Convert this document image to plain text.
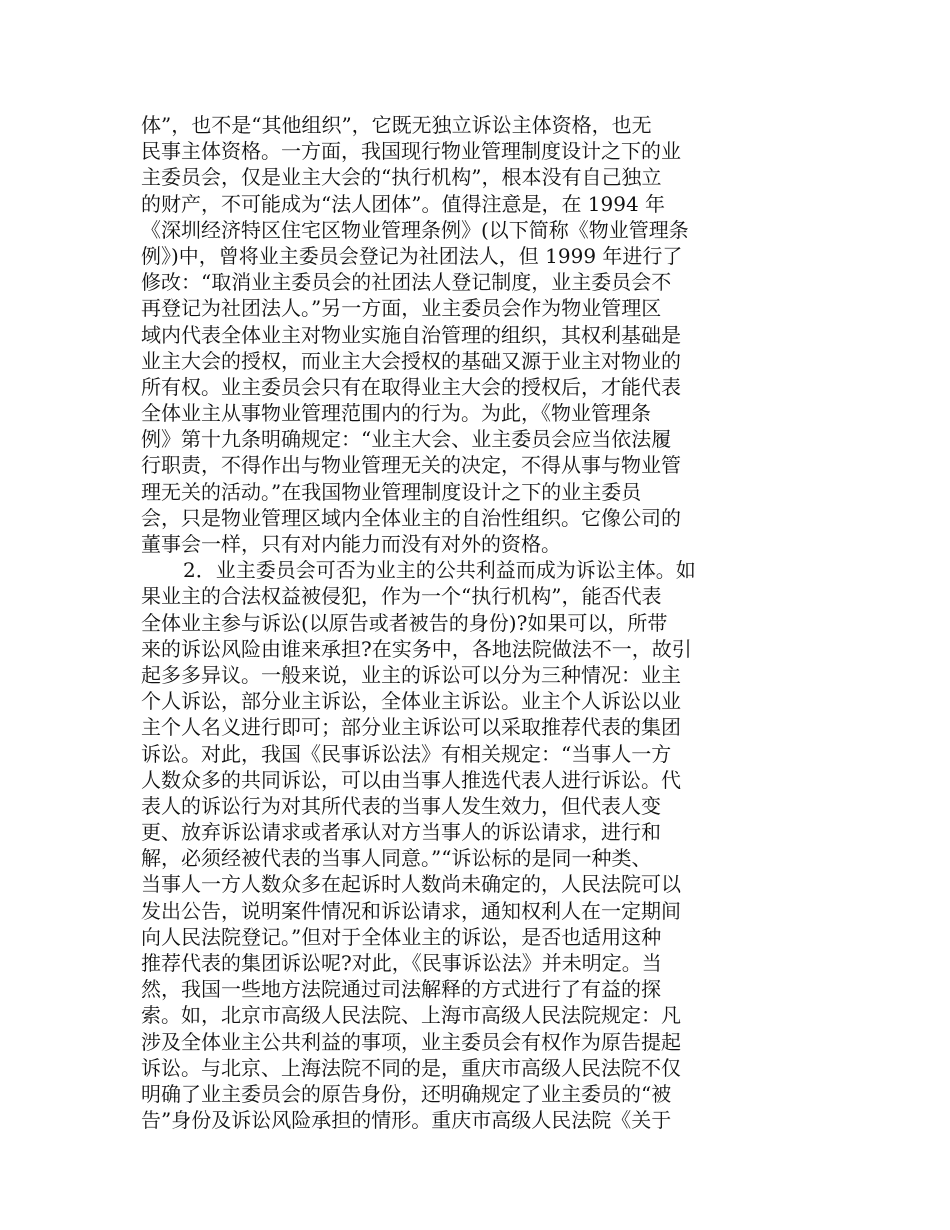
体”，也不是“其他组织”，它既无独立诉讼主体资格，也无
民事主体资格。一方面，我国现行物业管理制度设计之下的业
主委员会，仅是业主大会的“执行机构”，根本没有自己独立
的财产，不可能成为“法人团体”。值得注意是，在 1994 年
《深圳经济特区住宅区物业管理条例》(以下简称《物业管理条
例》)中，曾将业主委员会登记为社团法人，但 1999 年进行了
修改：“取消业主委员会的社团法人登记制度，业主委员会不
再登记为社团法人。”另一方面，业主委员会作为物业管理区
域内代表全体业主对物业实施自治管理的组织，其权利基础是
业主大会的授权，而业主大会授权的基础又源于业主对物业的
所有权。业主委员会只有在取得业主大会的授权后，才能代表
全体业主从事物业管理范围内的行为。为此，《物业管理条
例》第十九条明确规定：“业主大会、业主委员会应当依法履
行职责，不得作出与物业管理无关的决定，不得从事与物业管
理无关的活动。”在我国物业管理制度设计之下的业主委员
会，只是物业管理区域内全体业主的自治性组织。它像公司的
董事会一样，只有对内能力而没有对外的资格。
2．业主委员会可否为业主的公共利益而成为诉讼主体。如
果业主的合法权益被侵犯，作为一个“执行机构”，能否代表
全体业主参与诉讼(以原告或者被告的身份)?如果可以，所带
来的诉讼风险由谁来承担?在实务中，各地法院做法不一，故引
起多多异议。一般来说，业主的诉讼可以分为三种情况：业主
个人诉讼，部分业主诉讼，全体业主诉讼。业主个人诉讼以业
主个人名义进行即可；部分业主诉讼可以采取推荐代表的集团
诉讼。对此，我国《民事诉讼法》有相关规定：“当事人一方
人数众多的共同诉讼，可以由当事人推选代表人进行诉讼。代
表人的诉讼行为对其所代表的当事人发生效力，但代表人变
更、放弃诉讼请求或者承认对方当事人的诉讼请求，进行和
解，必须经被代表的当事人同意。”“诉讼标的是同一种类、
当事人一方人数众多在起诉时人数尚未确定的，人民法院可以
发出公告，说明案件情况和诉讼请求，通知权利人在一定期间
向人民法院登记。”但对于全体业主的诉讼，是否也适用这种
推荐代表的集团诉讼呢?对此，《民事诉讼法》并未明定。当
然，我国一些地方法院通过司法解释的方式进行了有益的探
索。如，北京市高级人民法院、上海市高级人民法院规定：凡
涉及全体业主公共利益的事项，业主委员会有权作为原告提起
诉讼。与北京、上海法院不同的是，重庆市高级人民法院不仅
明确了业主委员会的原告身份，还明确规定了业主委员的“被
告”身份及诉讼风险承担的情形。重庆市高级人民法院《关于
